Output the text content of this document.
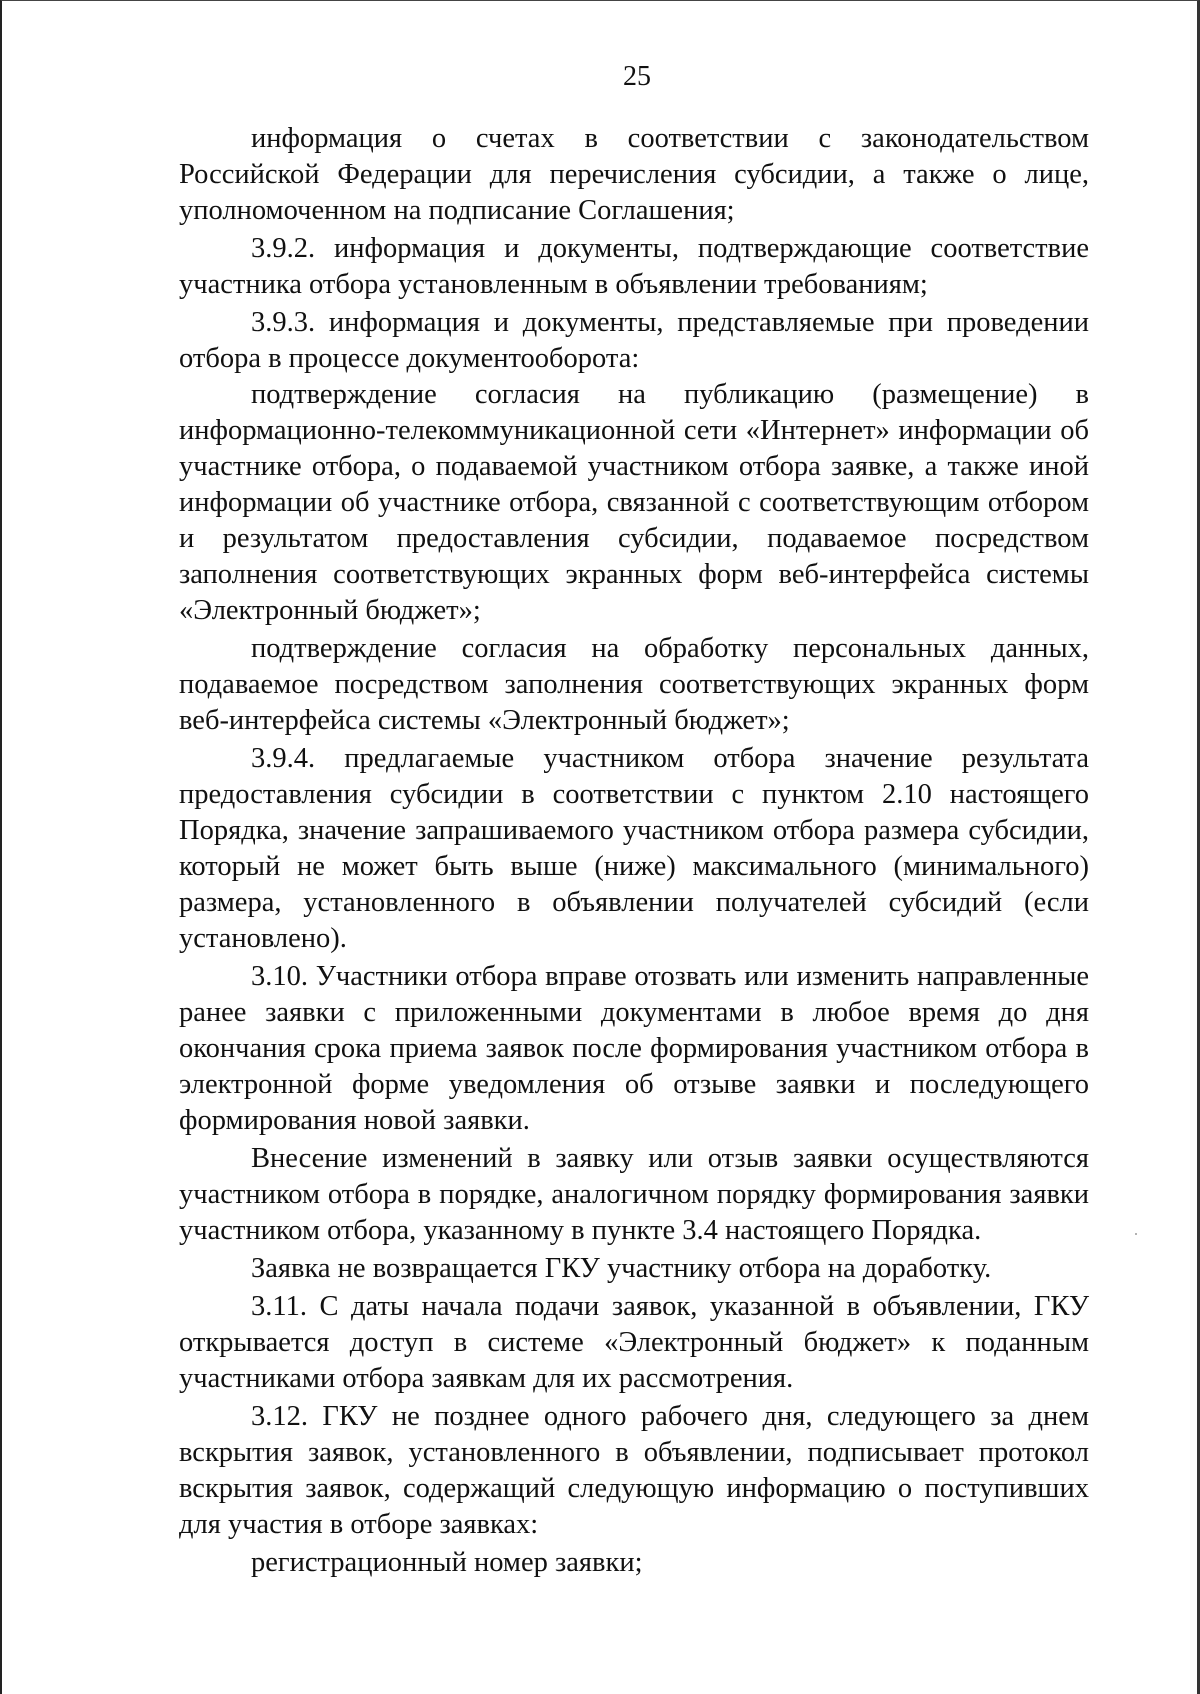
25

информация о счетах в соответствии с законодательством Российской Федерации для перечисления субсидии, а также о лице, уполномоченном на подписание Соглашения;

3.9.2. информация и документы, подтверждающие соответствие участника отбора установленным в объявлении требованиям;

3.9.3. информация и документы, представляемые при проведении отбора в процессе документооборота:

подтверждение согласия на публикацию (размещение) в информационно-телекоммуникационной сети «Интернет» информации об участнике отбора, о подаваемой участником отбора заявке, а также иной информации об участнике отбора, связанной с соответствующим отбором и результатом предоставления субсидии, подаваемое посредством заполнения соответствующих экранных форм веб-интерфейса системы «Электронный бюджет»;

подтверждение согласия на обработку персональных данных, подаваемое посредством заполнения соответствующих экранных форм веб-интерфейса системы «Электронный бюджет»;

3.9.4. предлагаемые участником отбора значение результата предоставления субсидии в соответствии с пунктом 2.10 настоящего Порядка, значение запрашиваемого участником отбора размера субсидии, который не может быть выше (ниже) максимального (минимального) размера, установленного в объявлении получателей субсидий (если установлено).

3.10. Участники отбора вправе отозвать или изменить направленные ранее заявки с приложенными документами в любое время до дня окончания срока приема заявок после формирования участником отбора в электронной форме уведомления об отзыве заявки и последующего формирования новой заявки.

Внесение изменений в заявку или отзыв заявки осуществляются участником отбора в порядке, аналогичном порядку формирования заявки участником отбора, указанному в пункте 3.4 настоящего Порядка.

Заявка не возвращается ГКУ участнику отбора на доработку.

3.11. С даты начала подачи заявок, указанной в объявлении, ГКУ открывается доступ в системе «Электронный бюджет» к поданным участниками отбора заявкам для их рассмотрения.

3.12. ГКУ не позднее одного рабочего дня, следующего за днем вскрытия заявок, установленного в объявлении, подписывает протокол вскрытия заявок, содержащий следующую информацию о поступивших для участия в отборе заявках:

регистрационный номер заявки;
